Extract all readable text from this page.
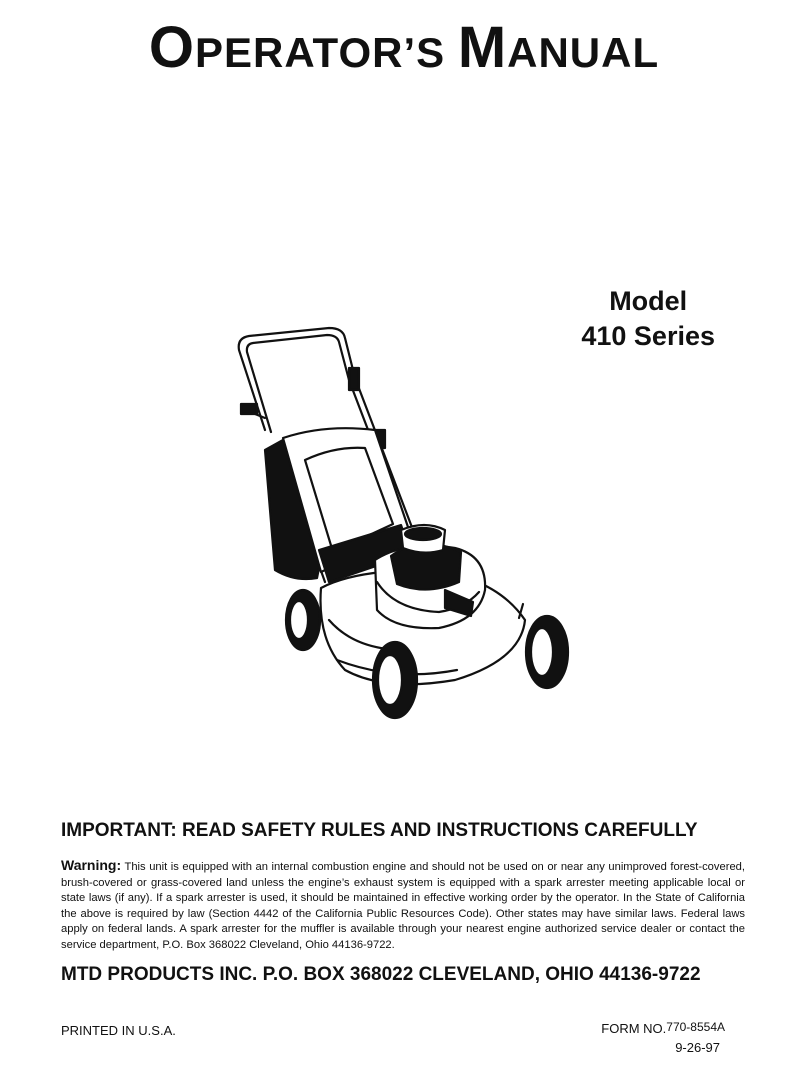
OPERATOR’S MANUAL
Model
410 Series
IMPORTANT: READ SAFETY RULES AND INSTRUCTIONS CAREFULLY
Warning: This unit is equipped with an internal combustion engine and should not be used on or near any unimproved forest-covered, brush-covered or grass-covered land unless the engine’s exhaust system is equipped with a spark arrester meeting applicable local or state laws (if any). If a spark arrester is used, it should be maintained in effective working order by the operator. In the State of California the above is required by law (Section 4442 of the California Public Resources Code). Other states may have similar laws. Federal laws apply on federal lands. A spark arrester for the muffler is available through your nearest engine authorized service dealer or contact the service department, P.O. Box 368022 Cleveland, Ohio 44136-9722.
MTD PRODUCTS INC. P.O. BOX 368022 CLEVELAND, OHIO 44136-9722
PRINTED IN U.S.A.	FORM NO.770-8554A
9-26-97
